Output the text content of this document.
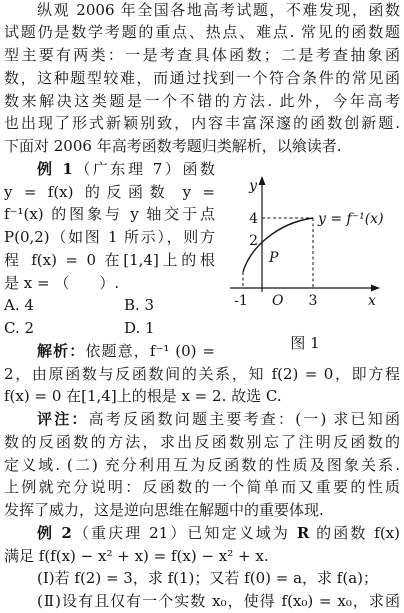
纵观 2006 年全国各地高考试题，不难发现，函数
试题仍是数学考题的重点、热点、难点. 常见的函数题
型主要有两类：一是考查具体函数；二是考查抽象函
数，这种题型较难，而通过找到一个符合条件的常见函
数来解决这类题是一个不错的方法. 此外，今年高考
也出现了形式新颖别致，内容丰富深邃的函数创新题.
下面对 2006 年高考函数考题归类解析，以飨读者.
例 1（广东理 7）函数
y = f(x) 的反函数 y =
f⁻¹(x) 的图象与 y 轴交于点
P(0,2)（如图 1 所示），则方
程 f(x) = 0 在[1,4]上的根
是 x = （　　）.
A. 4	B. 3
C. 2	D. 1
解析：依题意，f⁻¹ (0) =
2，由原函数与反函数间的关系，知 f(2) = 0，即方程
f(x) = 0 在[1,4]上的根是 x = 2. 故选 C.
评注：高考反函数问题主要考查：(一) 求已知函
数的反函数的方法，求出反函数别忘了注明反函数的
定义域. (二) 充分利用互为反函数的性质及图象关系.
上例就充分说明：反函数的一个简单而又重要的性质
发挥了威力，这是逆向思维在解题中的重要体现.
例 2（重庆理 21）已知定义域为 R 的函数 f(x)
满足 f(f(x) − x² + x) = f(x) − x² + x.
(Ⅰ)若 f(2) = 3，求 f(1)；又若 f(0) = a，求 f(a)；
(Ⅱ)设有且仅有一个实数 x₀，使得 f(x₀) = x₀，求函
y
4
2
P
y = f⁻¹(x)
-1 O 3	x
图 1
